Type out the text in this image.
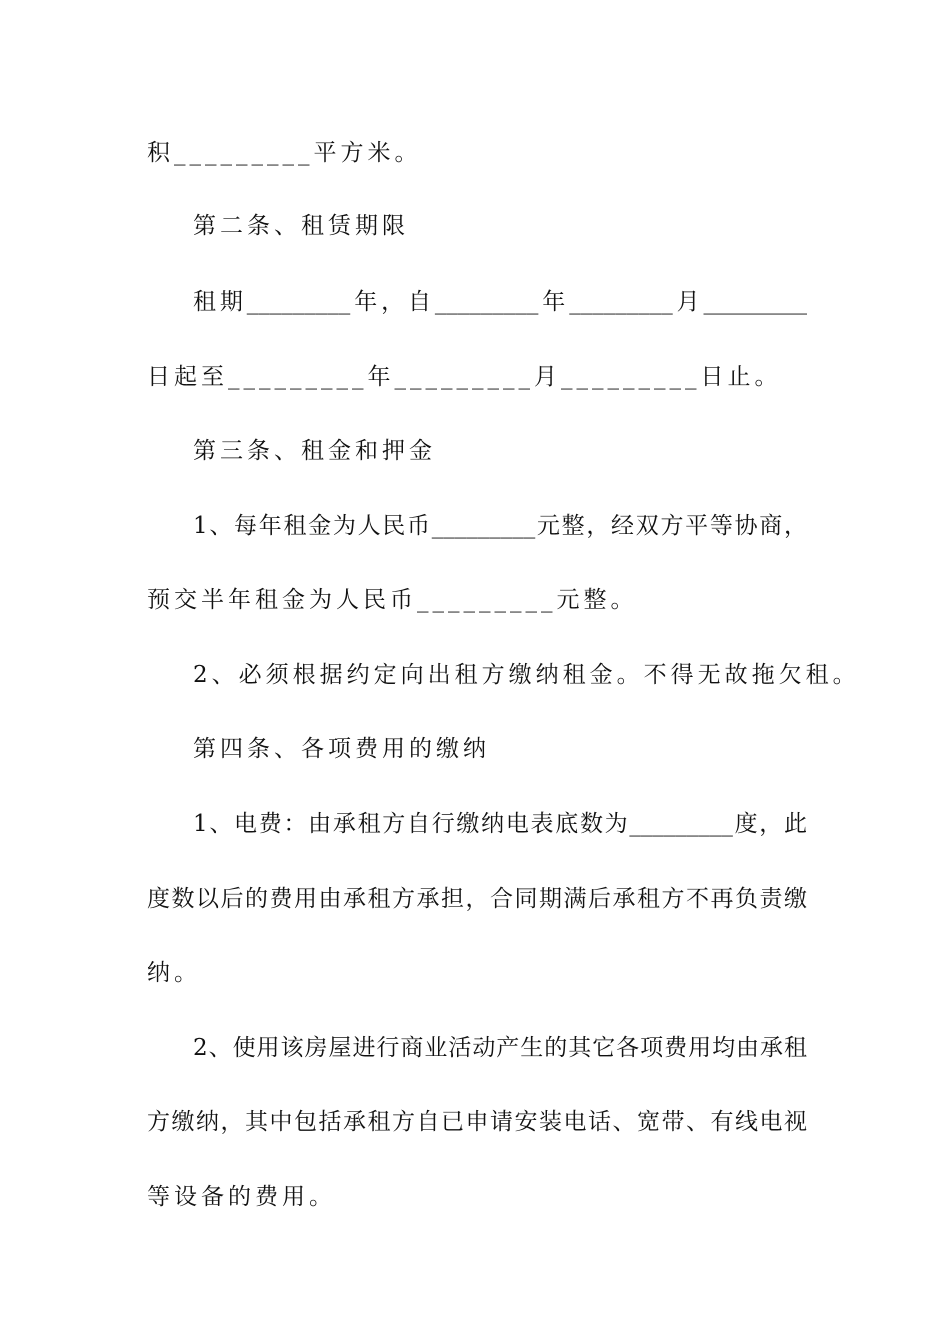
积_________平方米。
第二条、租赁期限
租期_________年，自_________年_________月_________
日起至_________年_________月_________日止。
第三条、租金和押金
1、每年租金为人民币_________元整，经双方平等协商，
预交半年租金为人民币_________元整。
2、必须根据约定向出租方缴纳租金。不得无故拖欠租。
第四条、各项费用的缴纳
1、电费：由承租方自行缴纳电表底数为_________度，此
度数以后的费用由承租方承担，合同期满后承租方不再负责缴
纳。
2、使用该房屋进行商业活动产生的其它各项费用均由承租
方缴纳，其中包括承租方自已申请安装电话、宽带、有线电视
等设备的费用。
